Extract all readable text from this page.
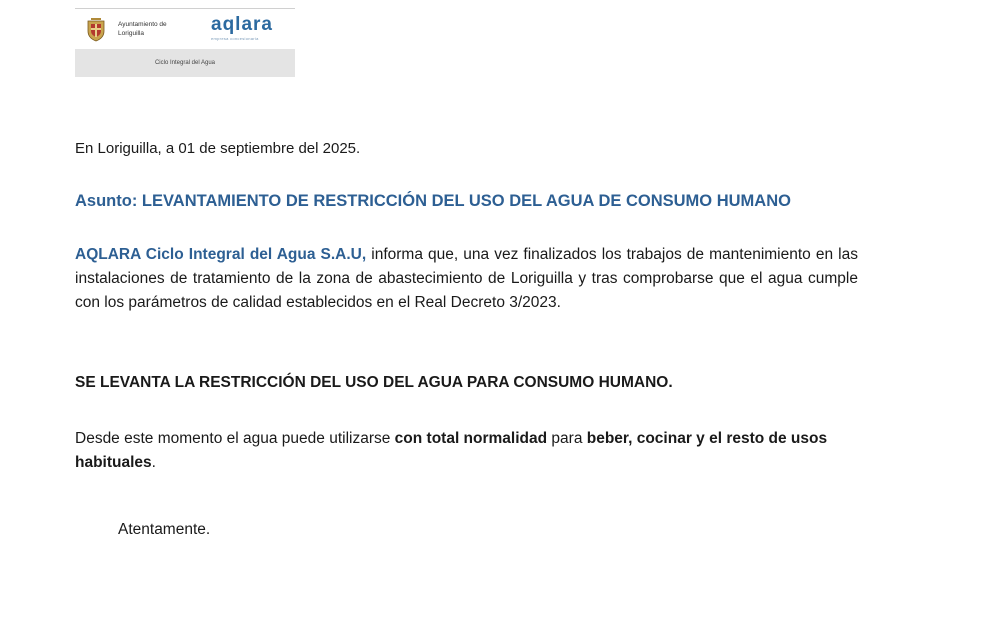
Ayuntamiento de
Loriguilla	aqlara
empresa concesionaria
Ciclo Integral del Agua
En Loriguilla, a 01 de septiembre del 2025.
Asunto: LEVANTAMIENTO DE RESTRICCIÓN DEL USO DEL AGUA DE CONSUMO HUMANO
AQLARA Ciclo Integral del Agua S.A.U, informa que, una vez finalizados los trabajos de mantenimiento en las instalaciones de tratamiento de la zona de abastecimiento de Loriguilla y tras comprobarse que el agua cumple con los parámetros de calidad establecidos en el Real Decreto 3/2023.
SE LEVANTA LA RESTRICCIÓN DEL USO DEL AGUA PARA CONSUMO HUMANO.
Desde este momento el agua puede utilizarse con total normalidad para beber, cocinar y el resto de usos habituales.
Atentamente.
